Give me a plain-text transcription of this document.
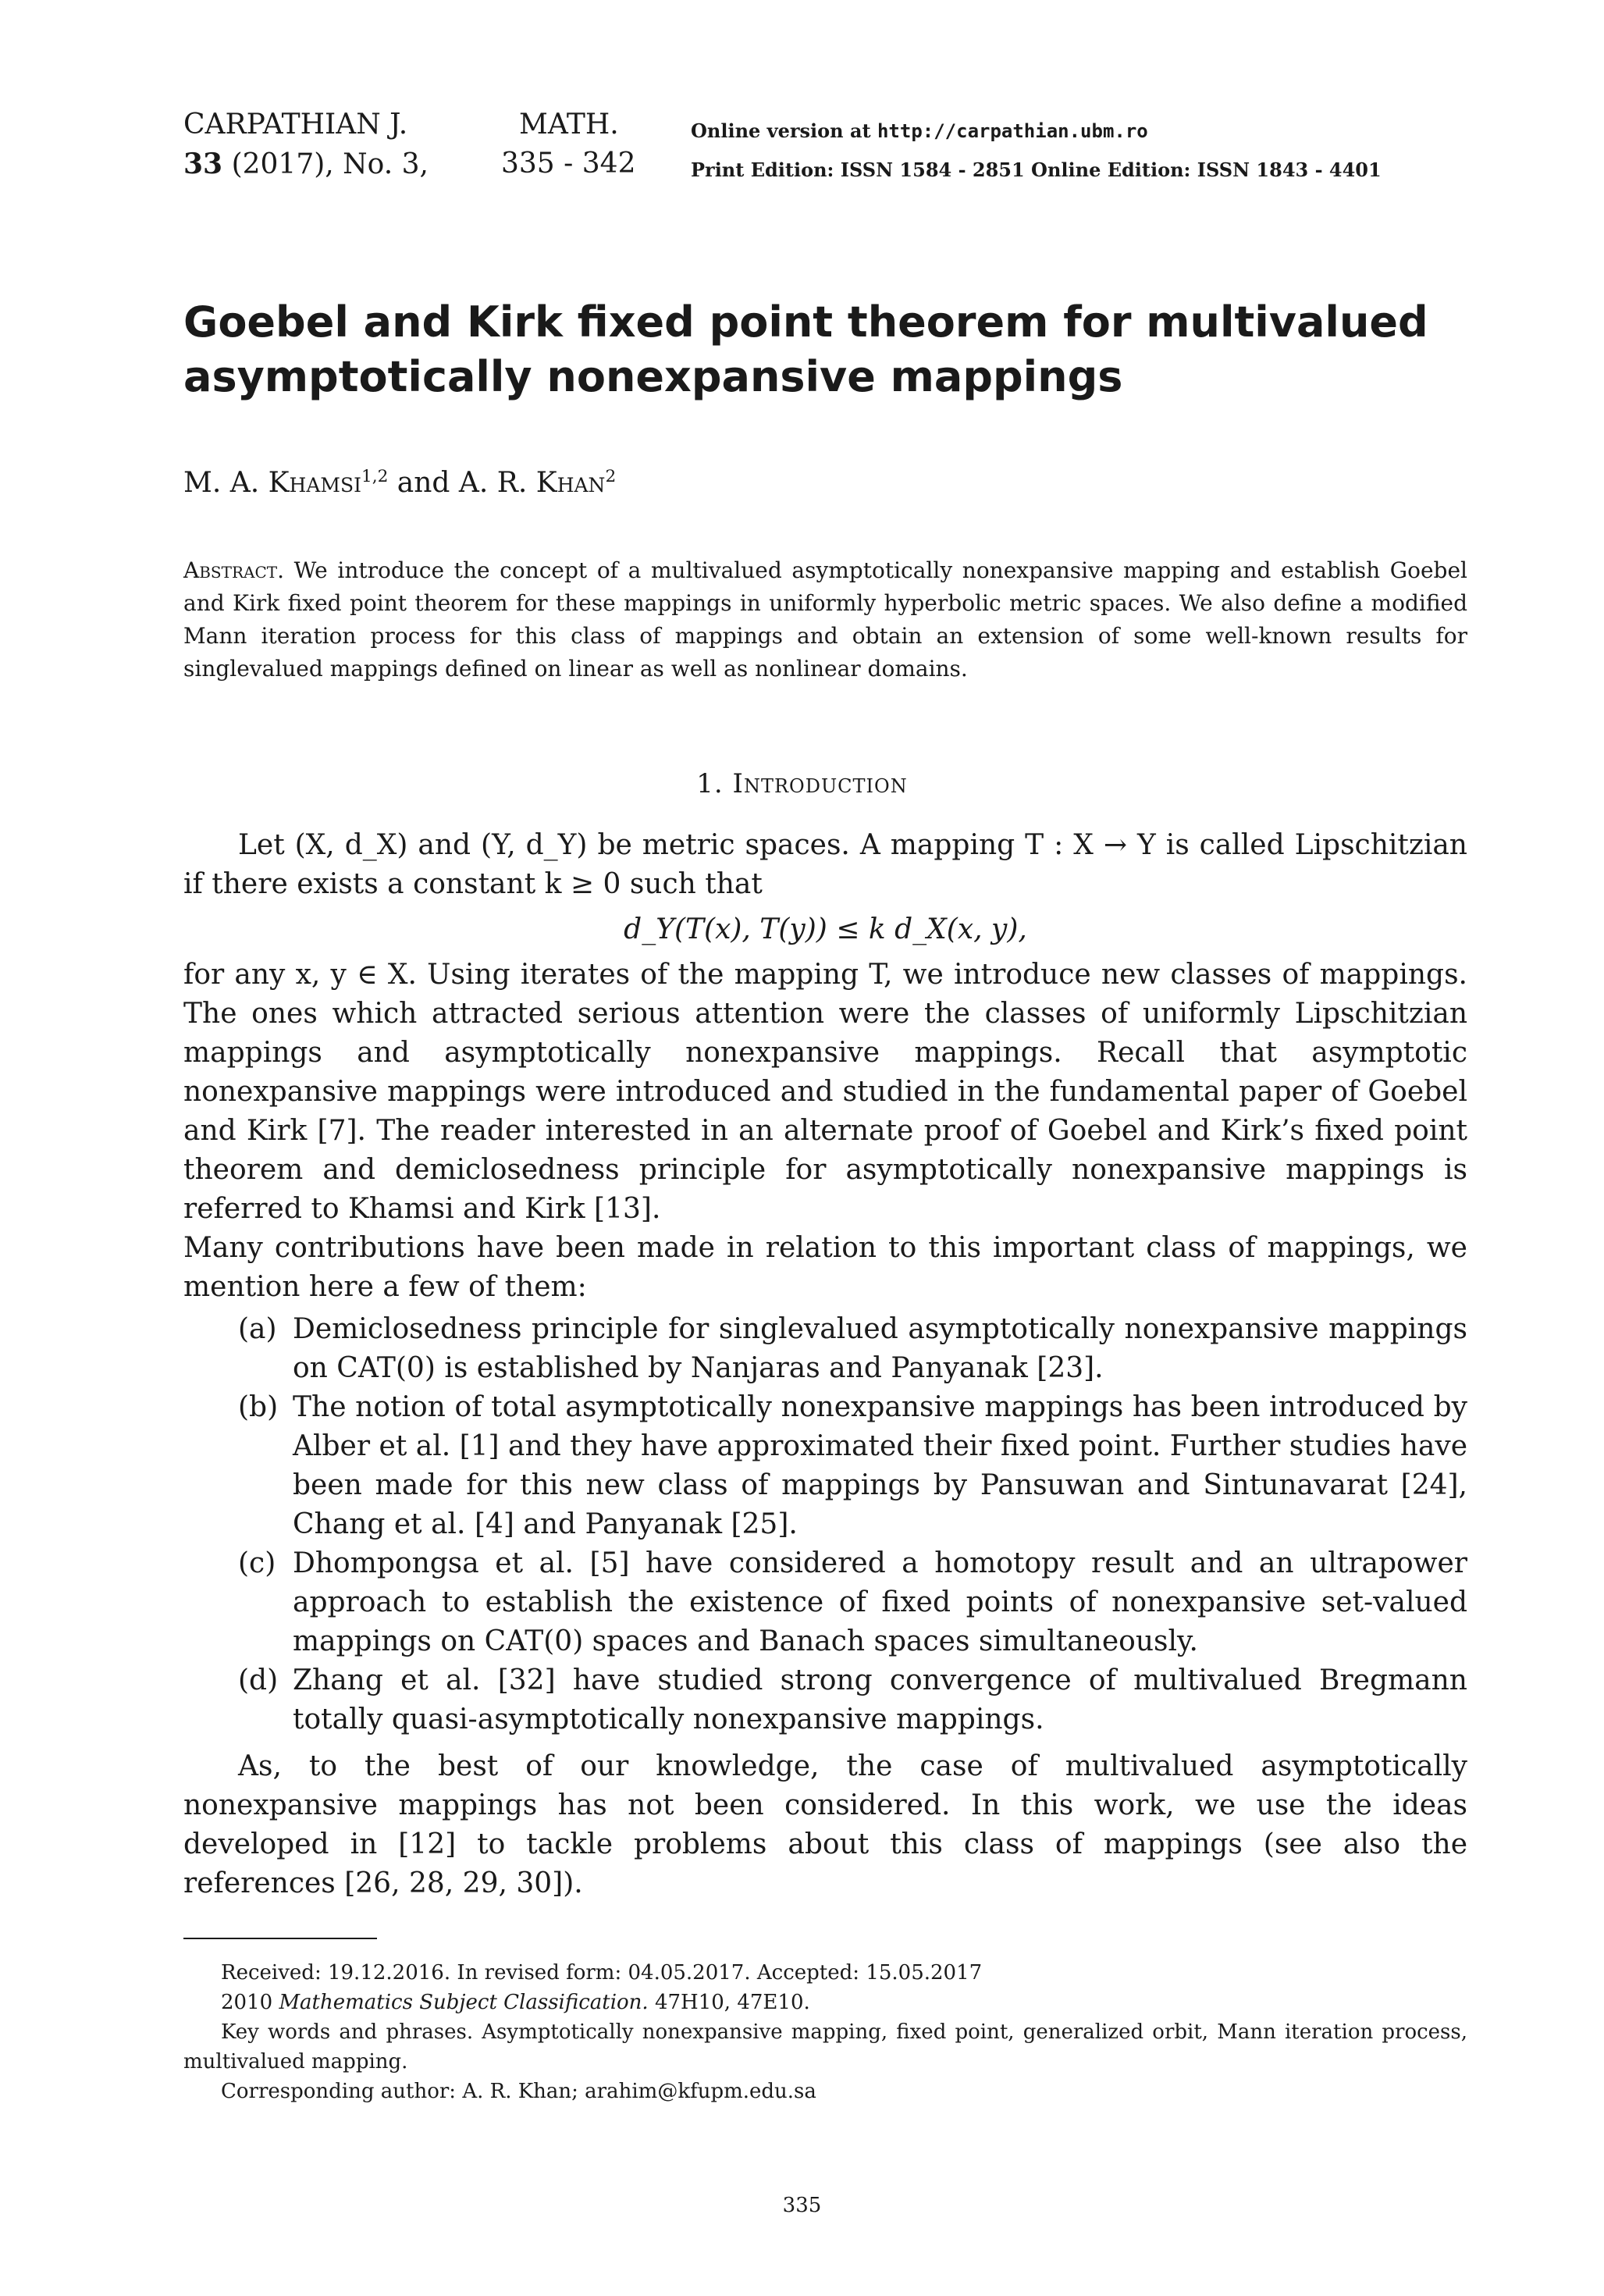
CARPATHIAN J.	MATH.
33 (2017), No. 3,	335 - 342
Online version at http://carpathian.ubm.ro
Print Edition: ISSN 1584 - 2851 Online Edition: ISSN 1843 - 4401
Goebel and Kirk fixed point theorem for multivalued
asymptotically nonexpansive mappings
M. A. Khamsi$^{1,2}$ and A. R. Khan$^2$
Abstract. We introduce the concept of a multivalued asymptotically nonexpansive mapping and establish Goebel and Kirk fixed point theorem for these mappings in uniformly hyperbolic metric spaces. We also define a modified Mann iteration process for this class of mappings and obtain an extension of some well-known results for singlevalued mappings defined on linear as well as nonlinear domains.
1. Introduction

Let (X, d_X) and (Y, d_Y) be metric spaces. A mapping T : X → Y is called Lipschitzian if there exists a constant k ≥ 0 such that

d_Y(T(x), T(y)) ≤ k d_X(x, y),

for any x, y ∈ X. Using iterates of the mapping T, we introduce new classes of mappings. The ones which attracted serious attention were the classes of uniformly Lipschitzian mappings and asymptotically nonexpansive mappings. Recall that asymptotic nonexpansive mappings were introduced and studied in the fundamental paper of Goebel and Kirk [7]. The reader interested in an alternate proof of Goebel and Kirk’s fixed point theorem and demiclosedness principle for asymptotically nonexpansive mappings is referred to Khamsi and Kirk [13].

Many contributions have been made in relation to this important class of mappings, we mention here a few of them:

(a) Demiclosedness principle for singlevalued asymptotically nonexpansive mappings on CAT(0) is established by Nanjaras and Panyanak [23].
(b) The notion of total asymptotically nonexpansive mappings has been introduced by Alber et al. [1] and they have approximated their fixed point. Further studies have been made for this new class of mappings by Pansuwan and Sintunavarat [24], Chang et al. [4] and Panyanak [25].
(c) Dhompongsa et al. [5] have considered a homotopy result and an ultrapower approach to establish the existence of fixed points of nonexpansive set-valued mappings on CAT(0) spaces and Banach spaces simultaneously.
(d) Zhang et al. [32] have studied strong convergence of multivalued Bregmann totally quasi-asymptotically nonexpansive mappings.

As, to the best of our knowledge, the case of multivalued asymptotically nonexpansive mappings has not been considered. In this work, we use the ideas developed in [12] to tackle problems about this class of mappings (see also the references [26, 28, 29, 30]).

Received: 19.12.2016. In revised form: 04.05.2017. Accepted: 15.05.2017

2010 Mathematics Subject Classification. 47H10, 47E10.

Key words and phrases. Asymptotically nonexpansive mapping, fixed point, generalized orbit, Mann iteration process, multivalued mapping.

Corresponding author: A. R. Khan; arahim@kfupm.edu.sa

335
